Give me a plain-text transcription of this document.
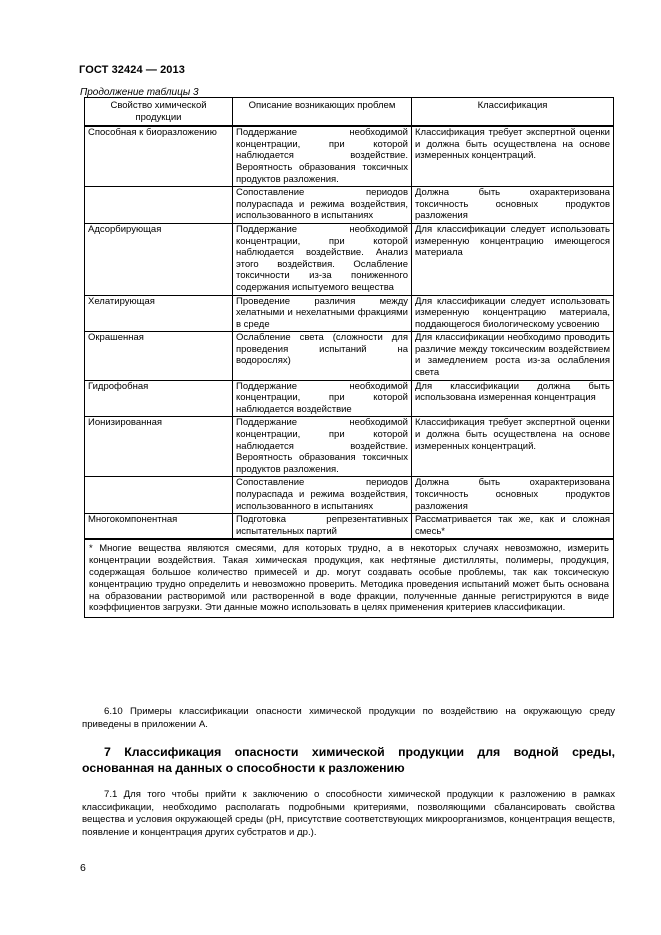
ГОСТ 32424 — 2013
Продолжение таблицы 3
Свойство химической продукции	Описание возникающих проблем	Классификация
Способная к биоразложению	Поддержание необходимой концентрации, при которой наблюдается воздействие. Вероятность образования токсичных продуктов разложения.	Классификация требует экспертной оценки и должна быть осуществлена на основе измеренных концентраций.
	Сопоставление периодов полураспада и режима воздействия, использованного в испытаниях	Должна быть охарактеризована токсичность основных продуктов разложения
Адсорбирующая	Поддержание необходимой концентрации, при которой наблюдается воздействие. Анализ этого воздействия. Ослабление токсичности из-за пониженного содержания испытуемого вещества	Для классификации следует использовать измеренную концентрацию имеющегося материала
Хелатирующая	Проведение различия между хелатными и нехелатными фракциями в среде	Для классификации следует использовать измеренную концентрацию материала, поддающегося биологическому усвоению
Окрашенная	Ослабление света (сложности для проведения испытаний на водорослях)	Для классификации необходимо проводить различие между токсическим воздействием и замедлением роста из-за ослабления света
Гидрофобная	Поддержание необходимой концентрации, при которой наблюдается воздействие	Для классификации должна быть использована измеренная концентрация
Ионизированная	Поддержание необходимой концентрации, при которой наблюдается воздействие. Вероятность образования токсичных продуктов разложения.	Классификация требует экспертной оценки и должна быть осуществлена на основе измеренных концентраций.
	Сопоставление периодов полураспада и режима воздействия, использованного в испытаниях	Должна быть охарактеризована токсичность основных продуктов разложения
Многокомпонентная	Подготовка репрезентативных испытательных партий	Рассматривается так же, как и сложная смесь*
* Многие вещества являются смесями, для которых трудно, а в некоторых случаях невозможно, измерить концентрации воздействия. Такая химическая продукция, как нефтяные дистилляты, полимеры, продукция, содержащая большое количество примесей и др. могут создавать особые проблемы, так как токсическую концентрацию трудно определить и невозможно проверить. Методика проведения испытаний может быть основана на образовании растворимой или растворенной в воде фракции, полученные данные регистрируются в виде коэффициентов загрузки. Эти данные можно использовать в целях применения критериев классификации.		
6.10 Примеры классификации опасности химической продукции по воздействию на окружающую среду приведены в приложении А.
7 Классификация опасности химической продукции для водной среды, основанная на данных о способности к разложению
7.1 Для того чтобы прийти к заключению о способности химической продукции к разложению в рамках классификации, необходимо располагать подробными критериями, позволяющими сбалансировать свойства вещества и условия окружающей среды (pH, присутствие соответствующих микроорганизмов, концентрация веществ, появление и концентрация других субстратов и др.).
6
